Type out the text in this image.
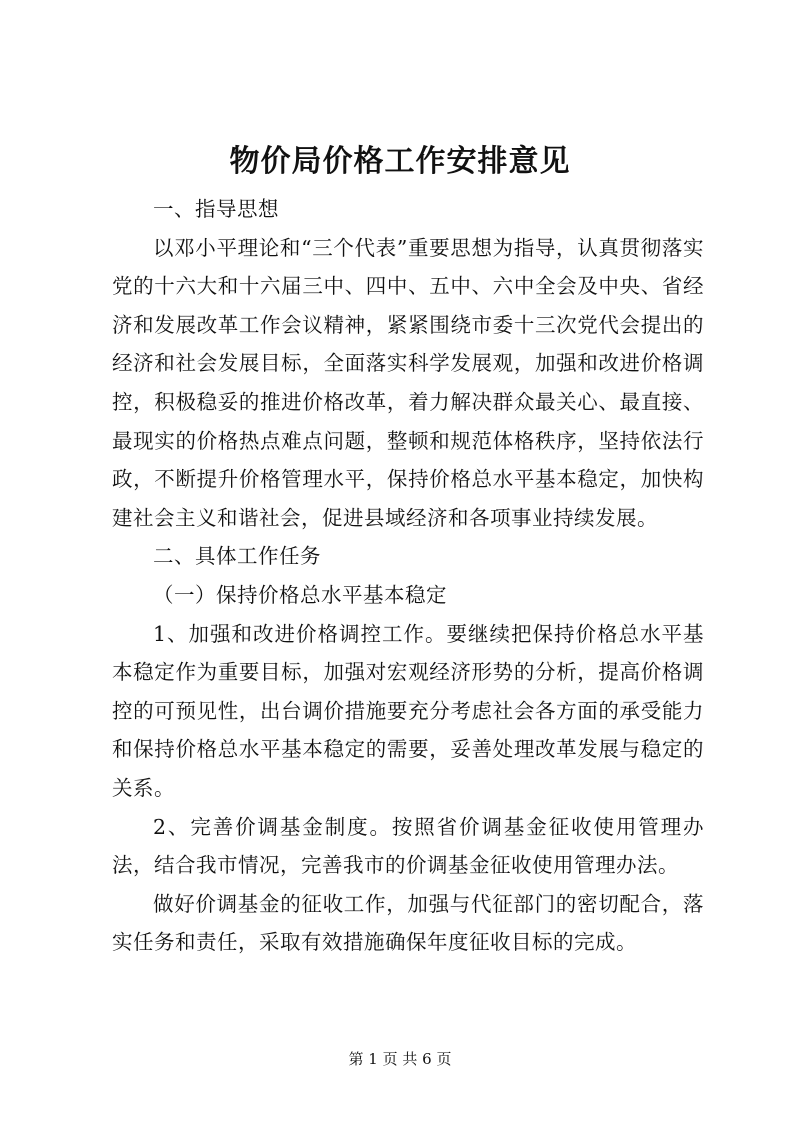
物价局价格工作安排意见

一、指导思想

以邓小平理论和“三个代表”重要思想为指导，认真贯彻落实党的十六大和十六届三中、四中、五中、六中全会及中央、省经济和发展改革工作会议精神，紧紧围绕市委十三次党代会提出的经济和社会发展目标，全面落实科学发展观，加强和改进价格调控，积极稳妥的推进价格改革，着力解决群众最关心、最直接、最现实的价格热点难点问题，整顿和规范体格秩序，坚持依法行政，不断提升价格管理水平，保持价格总水平基本稳定，加快构建社会主义和谐社会，促进县域经济和各项事业持续发展。

二、具体工作任务

（一）保持价格总水平基本稳定

1、加强和改进价格调控工作。要继续把保持价格总水平基本稳定作为重要目标，加强对宏观经济形势的分析，提高价格调控的可预见性，出台调价措施要充分考虑社会各方面的承受能力和保持价格总水平基本稳定的需要，妥善处理改革发展与稳定的关系。

2、完善价调基金制度。按照省价调基金征收使用管理办法，结合我市情况，完善我市的价调基金征收使用管理办法。

做好价调基金的征收工作，加强与代征部门的密切配合，落实任务和责任，采取有效措施确保年度征收目标的完成。

第 1 页 共 6 页
